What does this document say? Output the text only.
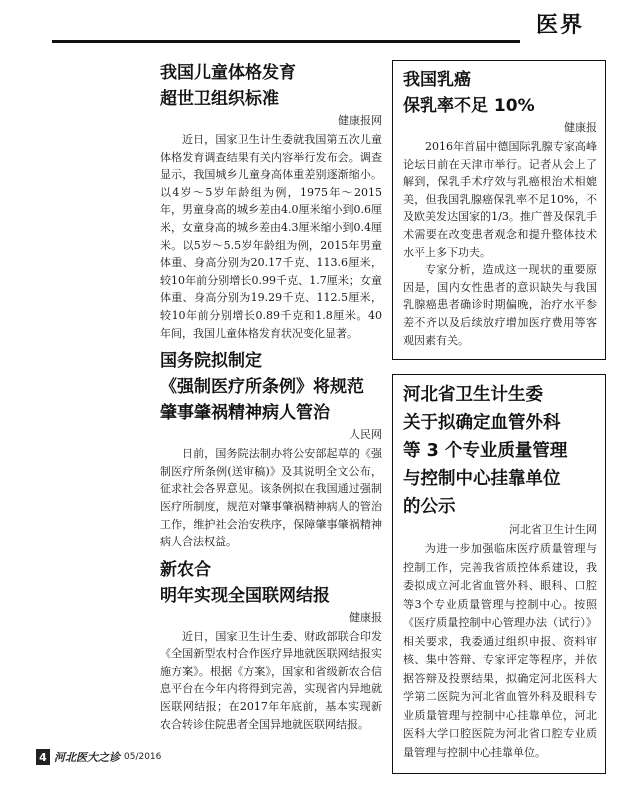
医界
我国儿童体格发育
超世卫组织标准
健康报网

近日，国家卫生计生委就我国第五次儿童体格发育调查结果有关内容举行发布会。调查显示，我国城乡儿童身高体重差别逐渐缩小。以4岁～5岁年龄组为例，1975年～2015年，男童身高的城乡差由4.0厘米缩小到0.6厘米，女童身高的城乡差由4.3厘米缩小到0.4厘米。以5岁～5.5岁年龄组为例，2015年男童体重、身高分别为20.17千克、113.6厘米，较10年前分别增长0.99千克、1.7厘米；女童体重、身高分别为19.29千克、112.5厘米，较10年前分别增长0.89千克和1.8厘米。40年间，我国儿童体格发育状况变化显著。

国务院拟制定
《强制医疗所条例》将规范
肇事肇祸精神病人管治
人民网

日前，国务院法制办将公安部起草的《强制医疗所条例(送审稿)》及其说明全文公布，征求社会各界意见。该条例拟在我国通过强制医疗所制度，规范对肇事肇祸精神病人的管治工作，维护社会治安秩序，保障肇事肇祸精神病人合法权益。

新农合
明年实现全国联网结报
健康报

近日，国家卫生计生委、财政部联合印发《全国新型农村合作医疗异地就医联网结报实施方案》。根据《方案》，国家和省级新农合信息平台在今年内将得到完善，实现省内异地就医联网结报；在2017年年底前，基本实现新农合转诊住院患者全国异地就医联网结报。

我国乳癌
保乳率不足 10%
健康报

2016年首届中德国际乳腺专家高峰论坛日前在天津市举行。记者从会上了解到，保乳手术疗效与乳癌根治术相媲美，但我国乳腺癌保乳率不足10%，不及欧美发达国家的1/3。推广普及保乳手术需要在改变患者观念和提升整体技术水平上多下功夫。

专家分析，造成这一现状的重要原因是，国内女性患者的意识缺失与我国乳腺癌患者确诊时期偏晚，治疗水平参差不齐以及后续放疗增加医疗费用等客观因素有关。

河北省卫生计生委
关于拟确定血管外科
等 3 个专业质量管理
与控制中心挂靠单位
的公示
河北省卫生计生网

为进一步加强临床医疗质量管理与控制工作，完善我省质控体系建设，我委拟成立河北省血管外科、眼科、口腔等3个专业质量管理与控制中心。按照《医疗质量控制中心管理办法（试行）》相关要求，我委通过组织申报、资料审核、集中答辩、专家评定等程序，并依据答辩及投票结果，拟确定河北医科大学第二医院为河北省血管外科及眼科专业质量管理与控制中心挂靠单位，河北医科大学口腔医院为河北省口腔专业质量管理与控制中心挂靠单位。

4 河北医大之诊 05/2016
